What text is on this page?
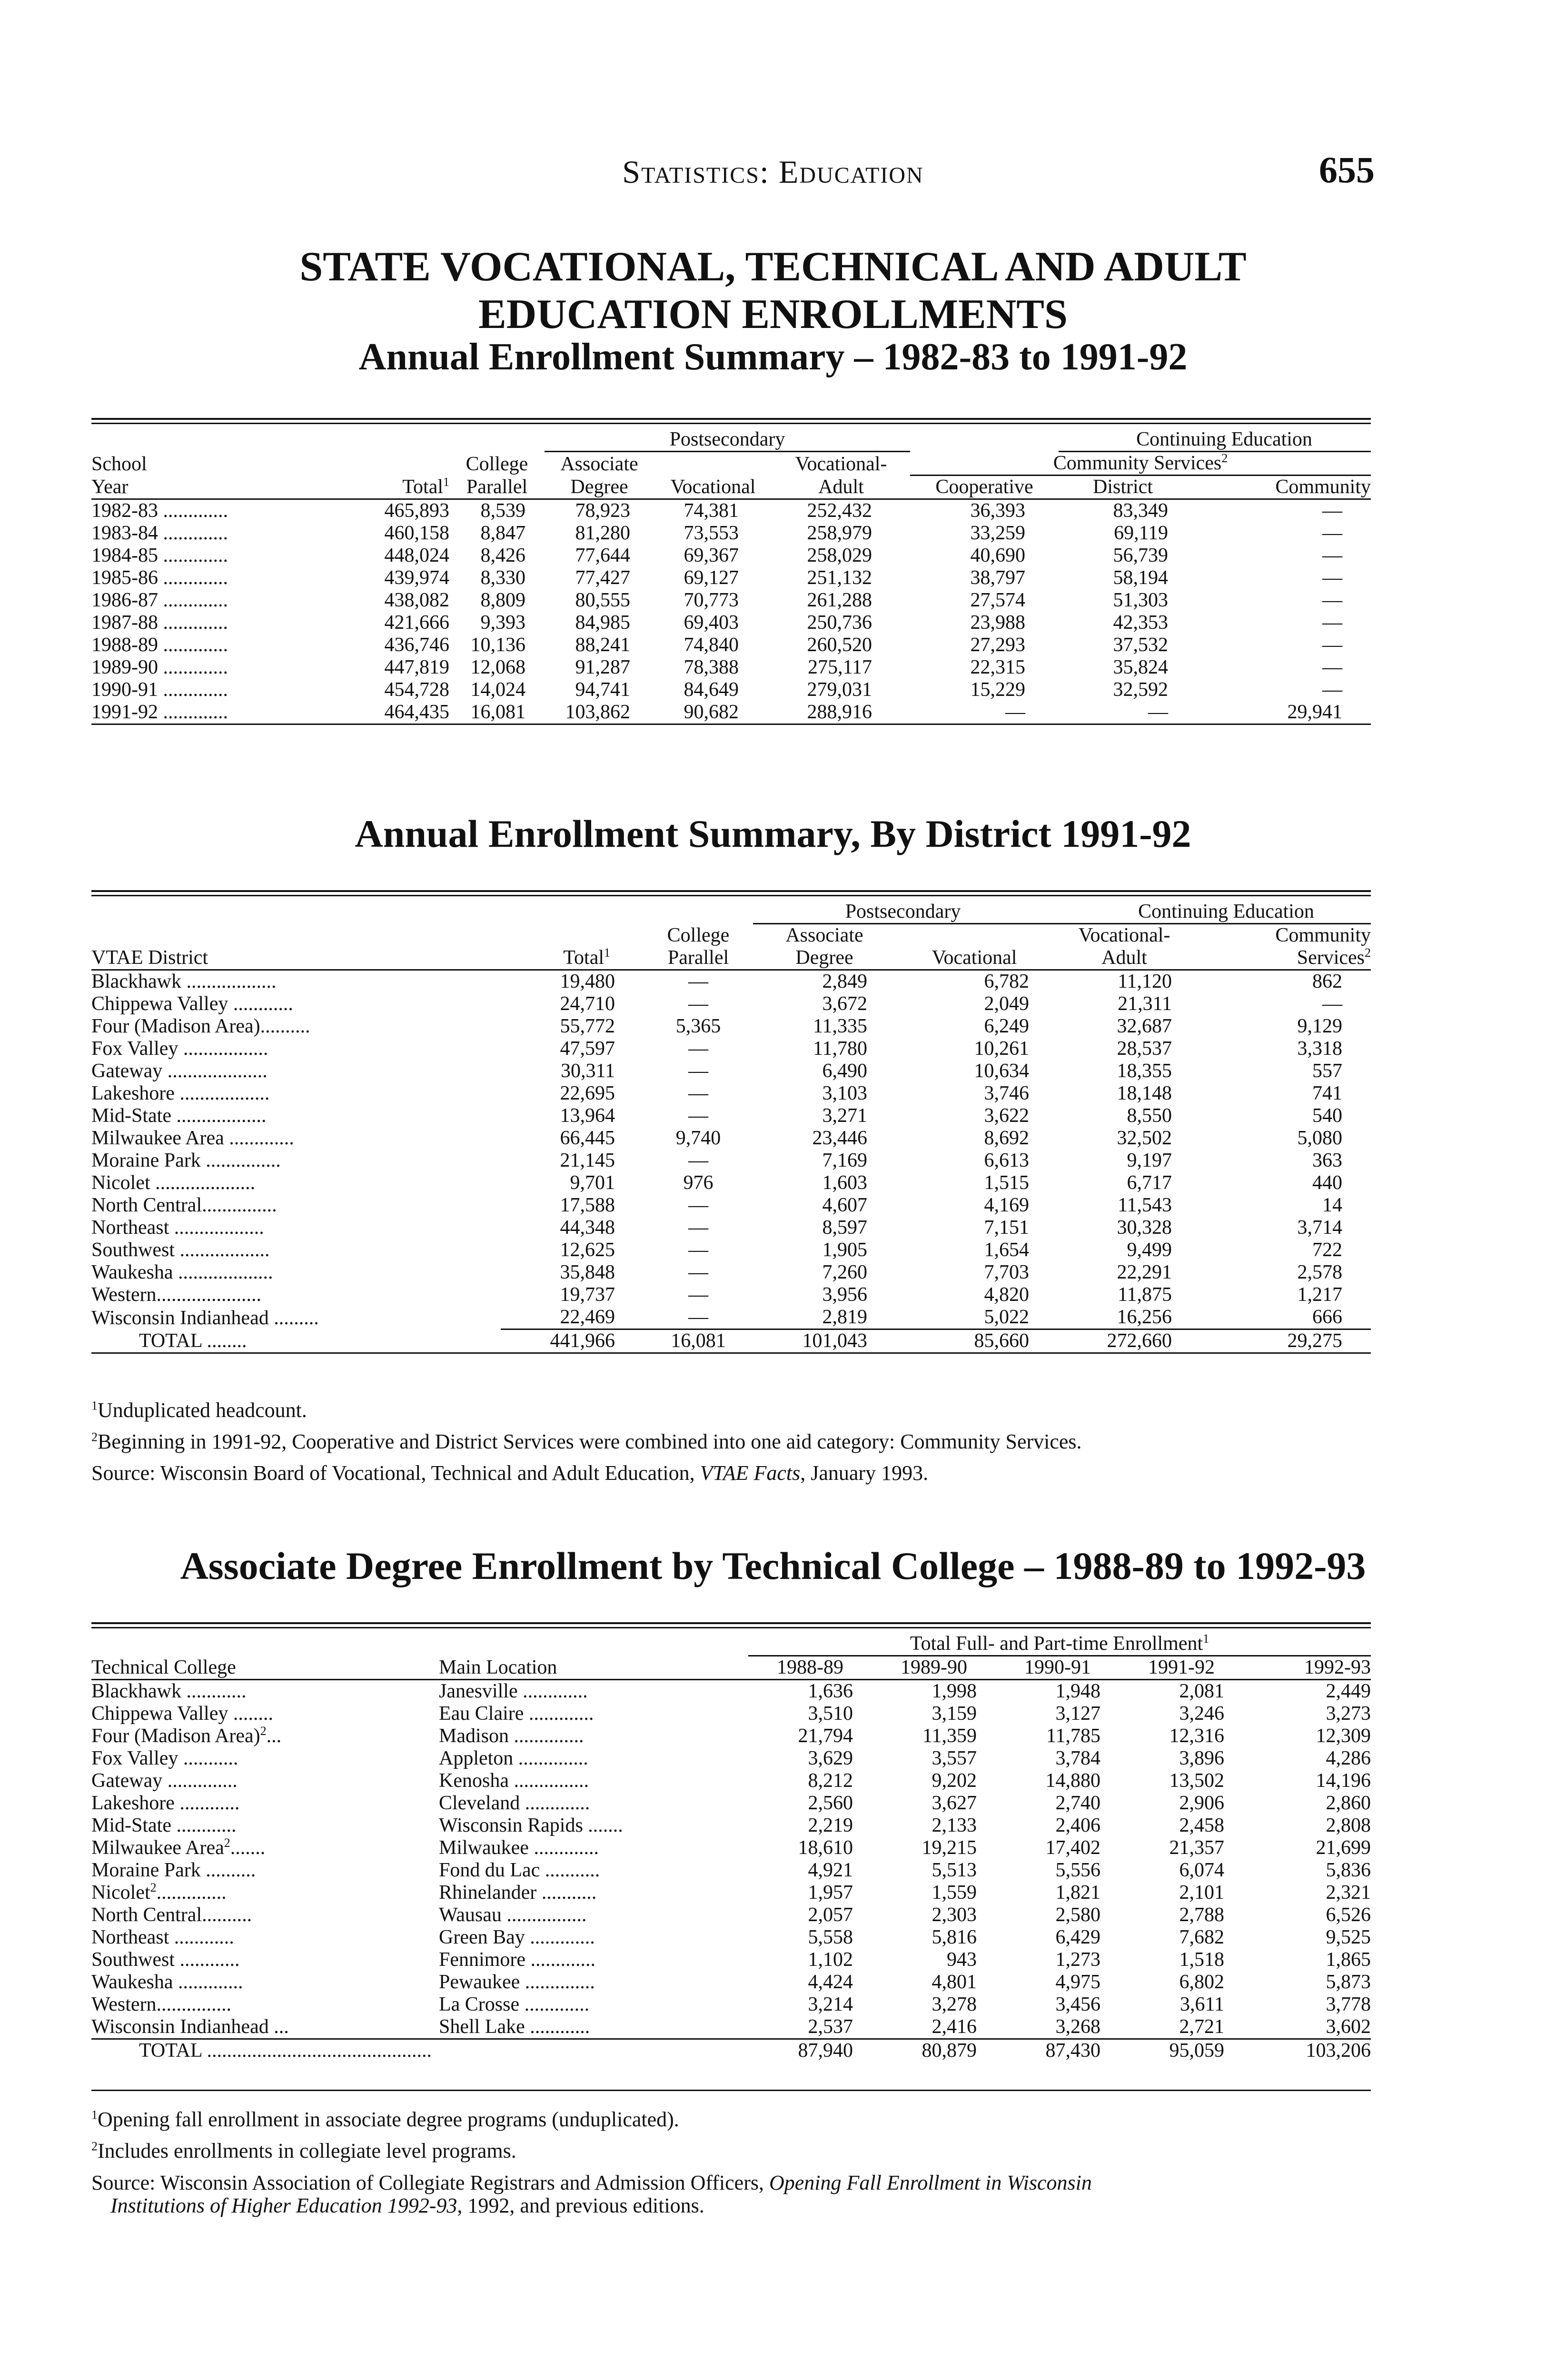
Statistics: Education	655
STATE VOCATIONAL, TECHNICAL AND ADULT
EDUCATION ENROLLMENTS
Annual Enrollment Summary – 1982-83 to 1991-92
			Postsecondary				Continuing Education	
School		College	Associate		Vocational-	Community Services$^2$
Year	Total$^1$	Parallel	Degree	Vocational	Adult	Cooperative	District	Community
1982-83 .............	465,893	8,539	78,923	74,381	252,432	36,393	83,349	—
1983-84 .............	460,158	8,847	81,280	73,553	258,979	33,259	69,119	—
1984-85 .............	448,024	8,426	77,644	69,367	258,029	40,690	56,739	—
1985-86 .............	439,974	8,330	77,427	69,127	251,132	38,797	58,194	—
1986-87 .............	438,082	8,809	80,555	70,773	261,288	27,574	51,303	—
1987-88 .............	421,666	9,393	84,985	69,403	250,736	23,988	42,353	—
1988-89 .............	436,746	10,136	88,241	74,840	260,520	27,293	37,532	—
1989-90 .............	447,819	12,068	91,287	78,388	275,117	22,315	35,824	—
1990-91 .............	454,728	14,024	94,741	84,649	279,031	15,229	32,592	—
1991-92 .............	464,435	16,081	103,862	90,682	288,916	—	—	29,941
Annual Enrollment Summary, By District 1991-92
			Postsecondary		Continuing Education	
		College	Associate		Vocational-	Community
VTAE District	Total$^1$	Parallel	Degree	Vocational	Adult	Services$^2$
Blackhawk ..................	19,480	—	2,849	6,782	11,120	862
Chippewa Valley ............	24,710	—	3,672	2,049	21,311	—
Four (Madison Area)..........	55,772	5,365	11,335	6,249	32,687	9,129
Fox Valley .................	47,597	—	11,780	10,261	28,537	3,318
Gateway ....................	30,311	—	6,490	10,634	18,355	557
Lakeshore ..................	22,695	—	3,103	3,746	18,148	741
Mid-State ..................	13,964	—	3,271	3,622	8,550	540
Milwaukee Area .............	66,445	9,740	23,446	8,692	32,502	5,080
Moraine Park ...............	21,145	—	7,169	6,613	9,197	363
Nicolet ....................	9,701	976	1,603	1,515	6,717	440
North Central...............	17,588	—	4,607	4,169	11,543	14
Northeast ..................	44,348	—	8,597	7,151	30,328	3,714
Southwest ..................	12,625	—	1,905	1,654	9,499	722
Waukesha ...................	35,848	—	7,260	7,703	22,291	2,578
Western.....................	19,737	—	3,956	4,820	11,875	1,217
Wisconsin Indianhead .........	22,469	—	2,819	5,022	16,256	666
TOTAL ........	441,966	16,081	101,043	85,660	272,660	29,275
$^1$Unduplicated headcount.
$^2$Beginning in 1991-92, Cooperative and District Services were combined into one aid category: Community Services.
Source: Wisconsin Board of Vocational, Technical and Adult Education, VTAE Facts, January 1993.
Associate Degree Enrollment by Technical College – 1988-89 to 1992-93
		Total Full- and Part-time Enrollment$^1$
Technical College	Main Location	1988-89	1989-90	1990-91	1991-92	1992-93
Blackhawk ............	Janesville .............	1,636	1,998	1,948	2,081	2,449
Chippewa Valley ........	Eau Claire .............	3,510	3,159	3,127	3,246	3,273
Four (Madison Area)$^2$...	Madison ..............	21,794	11,359	11,785	12,316	12,309
Fox Valley ...........	Appleton ..............	3,629	3,557	3,784	3,896	4,286
Gateway ..............	Kenosha ...............	8,212	9,202	14,880	13,502	14,196
Lakeshore ............	Cleveland .............	2,560	3,627	2,740	2,906	2,860
Mid-State ............	Wisconsin Rapids .......	2,219	2,133	2,406	2,458	2,808
Milwaukee Area$^2$.......	Milwaukee .............	18,610	19,215	17,402	21,357	21,699
Moraine Park ..........	Fond du Lac ...........	4,921	5,513	5,556	6,074	5,836
Nicolet$^2$..............	Rhinelander ...........	1,957	1,559	1,821	2,101	2,321
North Central..........	Wausau ................	2,057	2,303	2,580	2,788	6,526
Northeast ............	Green Bay .............	5,558	5,816	6,429	7,682	9,525
Southwest ............	Fennimore .............	1,102	943	1,273	1,518	1,865
Waukesha .............	Pewaukee ..............	4,424	4,801	4,975	6,802	5,873
Western...............	La Crosse .............	3,214	3,278	3,456	3,611	3,778
Wisconsin Indianhead ...	Shell Lake ............	2,537	2,416	3,268	2,721	3,602
TOTAL .............................................		87,940	80,879	87,430	95,059	103,206
$^1$Opening fall enrollment in associate degree programs (unduplicated).
$^2$Includes enrollments in collegiate level programs.
Source: Wisconsin Association of Collegiate Registrars and Admission Officers, Opening Fall Enrollment in Wisconsin
Institutions of Higher Education 1992-93, 1992, and previous editions.
